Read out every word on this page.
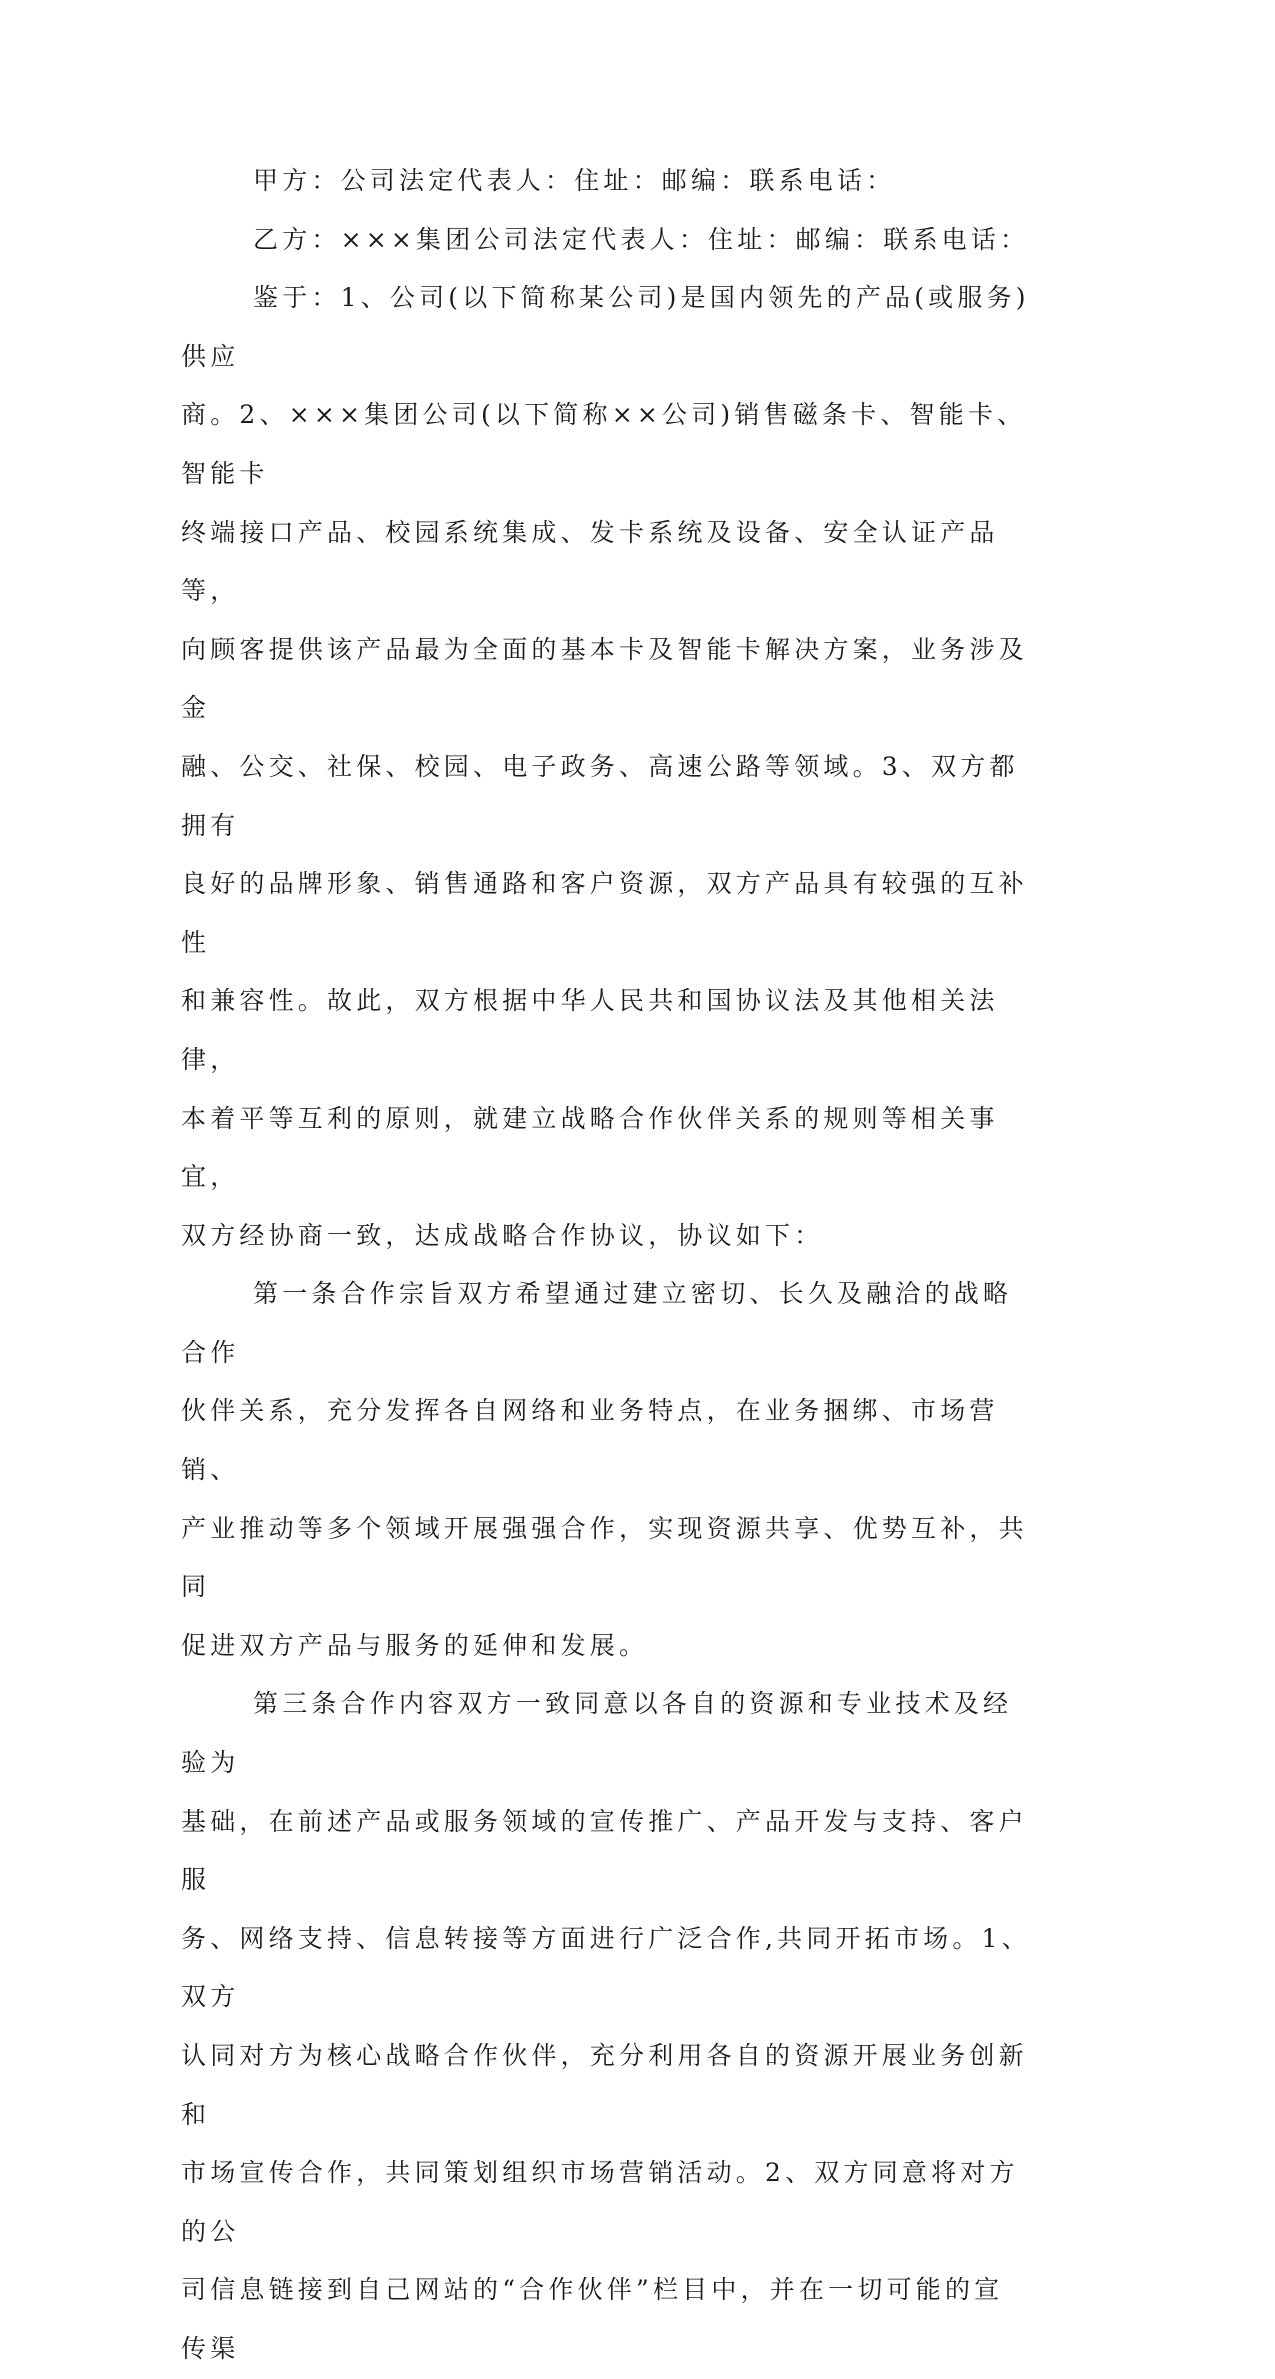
甲方：公司法定代表人：住址：邮编：联系电话：

乙方：×××集团公司法定代表人：住址：邮编：联系电话：

鉴于：1、公司(以下简称某公司)是国内领先的产品(或服务)供应
商。2、×××集团公司(以下简称××公司)销售磁条卡、智能卡、智能卡
终端接口产品、校园系统集成、发卡系统及设备、安全认证产品等，
向顾客提供该产品最为全面的基本卡及智能卡解决方案，业务涉及金
融、公交、社保、校园、电子政务、高速公路等领域。3、双方都拥有
良好的品牌形象、销售通路和客户资源，双方产品具有较强的互补性
和兼容性。故此，双方根据中华人民共和国协议法及其他相关法律，
本着平等互利的原则，就建立战略合作伙伴关系的规则等相关事宜，
双方经协商一致，达成战略合作协议，协议如下：

第一条合作宗旨双方希望通过建立密切、长久及融洽的战略合作
伙伴关系，充分发挥各自网络和业务特点，在业务捆绑、市场营销、
产业推动等多个领域开展强强合作，实现资源共享、优势互补，共同
促进双方产品与服务的延伸和发展。

第三条合作内容双方一致同意以各自的资源和专业技术及经验为
基础，在前述产品或服务领域的宣传推广、产品开发与支持、客户服
务、网络支持、信息转接等方面进行广泛合作,共同开拓市场。1、双方
认同对方为核心战略合作伙伴，充分利用各自的资源开展业务创新和
市场宣传合作，共同策划组织市场营销活动。2、双方同意将对方的公
司信息链接到自己网站的“合作伙伴”栏目中，并在一切可能的宣传渠
